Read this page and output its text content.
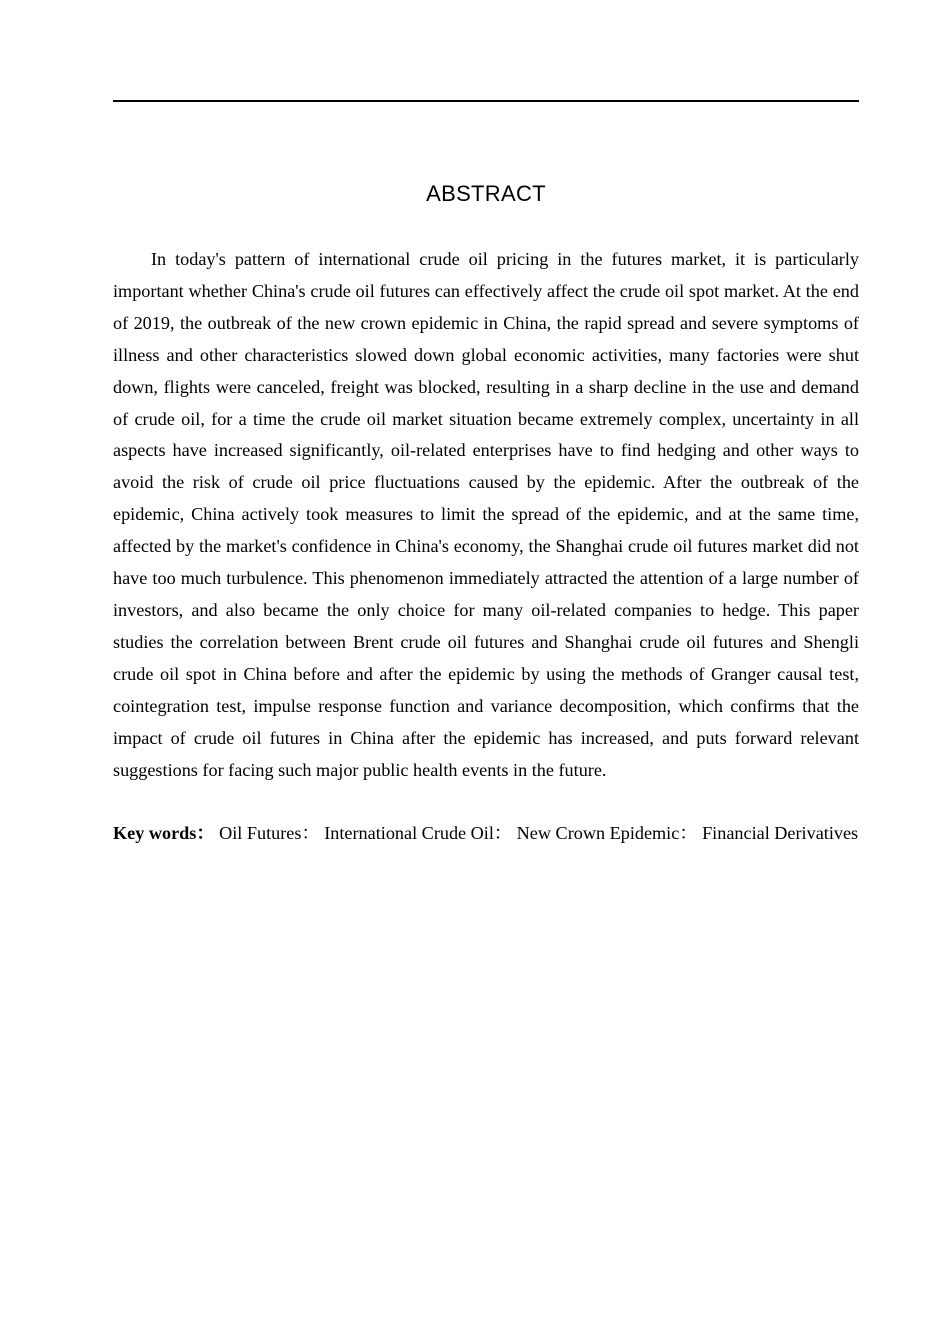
ABSTRACT

In today's pattern of international crude oil pricing in the futures market, it is particularly important whether China's crude oil futures can effectively affect the crude oil spot market. At the end of 2019, the outbreak of the new crown epidemic in China, the rapid spread and severe symptoms of illness and other characteristics slowed down global economic activities, many factories were shut down, flights were canceled, freight was blocked, resulting in a sharp decline in the use and demand of crude oil, for a time the crude oil market situation became extremely complex, uncertainty in all aspects have increased significantly, oil-related enterprises have to find hedging and other ways to avoid the risk of crude oil price fluctuations caused by the epidemic. After the outbreak of the epidemic, China actively took measures to limit the spread of the epidemic, and at the same time, affected by the market's confidence in China's economy, the Shanghai crude oil futures market did not have too much turbulence. This phenomenon immediately attracted the attention of a large number of investors, and also became the only choice for many oil-related companies to hedge. This paper studies the correlation between Brent crude oil futures and Shanghai crude oil futures and Shengli crude oil spot in China before and after the epidemic by using the methods of Granger causal test, cointegration test, impulse response function and variance decomposition, which confirms that the impact of crude oil futures in China after the epidemic has increased, and puts forward relevant suggestions for facing such major public health events in the future.

Key words： Oil Futures： International Crude Oil： New Crown Epidemic： Financial Derivatives
